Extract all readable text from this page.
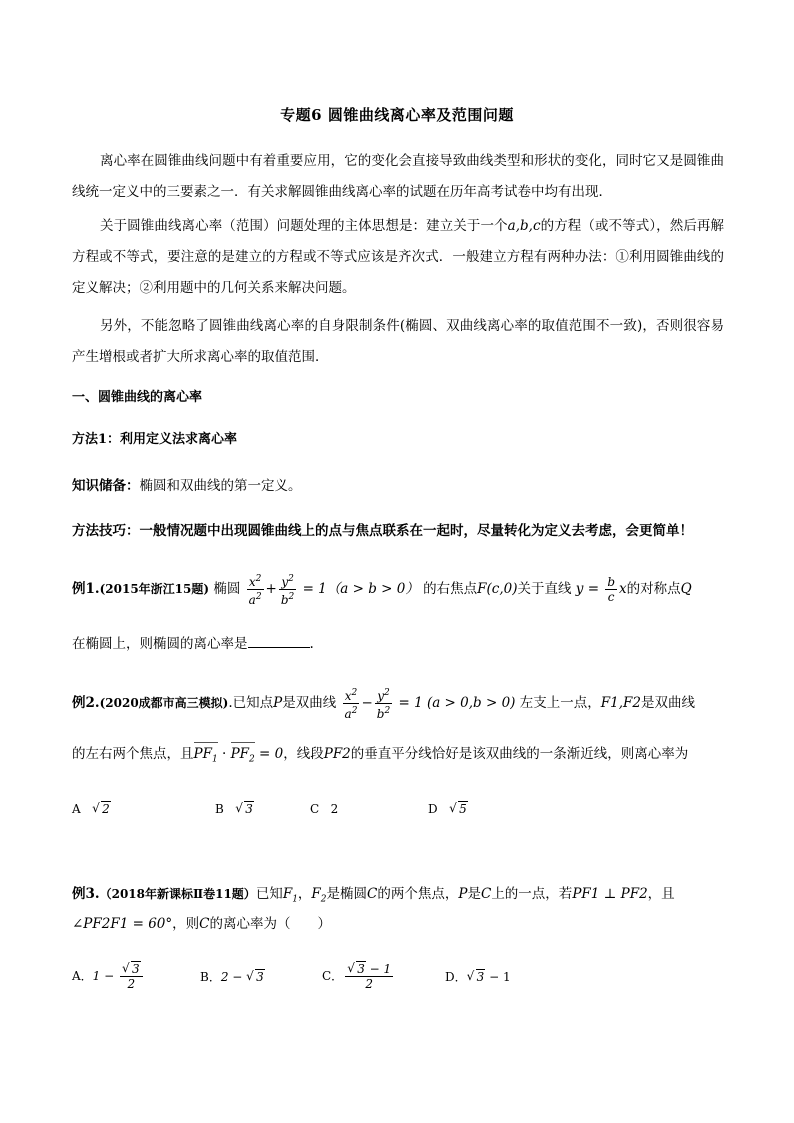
专题6 圆锥曲线离心率及范围问题
离心率在圆锥曲线问题中有着重要应用，它的变化会直接导致曲线类型和形状的变化，同时它又是圆锥曲线统一定义中的三要素之一．有关求解圆锥曲线离心率的试题在历年高考试卷中均有出现．
关于圆锥曲线离心率（范围）问题处理的主体思想是：建立关于一个a,b,c的方程（或不等式），然后再解方程或不等式，要注意的是建立的方程或不等式应该是齐次式．一般建立方程有两种办法：①利用圆锥曲线的定义解决；②利用题中的几何关系来解决问题。
另外，不能忽略了圆锥曲线离心率的自身限制条件(椭圆、双曲线离心率的取值范围不一致)，否则很容易产生增根或者扩大所求离心率的取值范围．
一、圆锥曲线的离心率
方法1：利用定义法求离心率
知识储备：椭圆和双曲线的第一定义。
方法技巧：一般情况题中出现圆锥曲线上的点与焦点联系在一起时，尽量转化为定义去考虑，会更简单！
例1.(2015年浙江15题) 椭圆 $\frac{x^2}{a^2} + \frac{y^2}{b^2} = 1(a > b > 0)$ 的右焦点F(c,0)关于直线 $y = \frac{b}{c}$ x的对称点Q
在椭圆上，则椭圆的离心率是	.
例2.(2020成都市高三模拟).已知点P是双曲线 $\frac{x^2}{a^2} - \frac{y^2}{b^2} = 1$ (a > 0,b > 0) 左支上一点，F1,F2是双曲线
的左右两个焦点，且$PF_1 \cdot PF_2 = 0$，线段PF2的垂直平分线恰好是该双曲线的一条渐近线，则离心率为
A √ 2	B √ 3	C 2	D √ 5
例3.（2018年新课标Ⅱ卷11题）已知$F_1$，$F_2$是椭圆C的两个焦点，P是C上的一点，若PF1 ⊥ PF2，且
∠PF2F1 = 60°，则C的离心率为（　　）
A．1 − √ $\frac{3}{2}$	B．2 − √ 3	C． √ $\frac{3 - 1}{2}$	D． √ 3 − 1
